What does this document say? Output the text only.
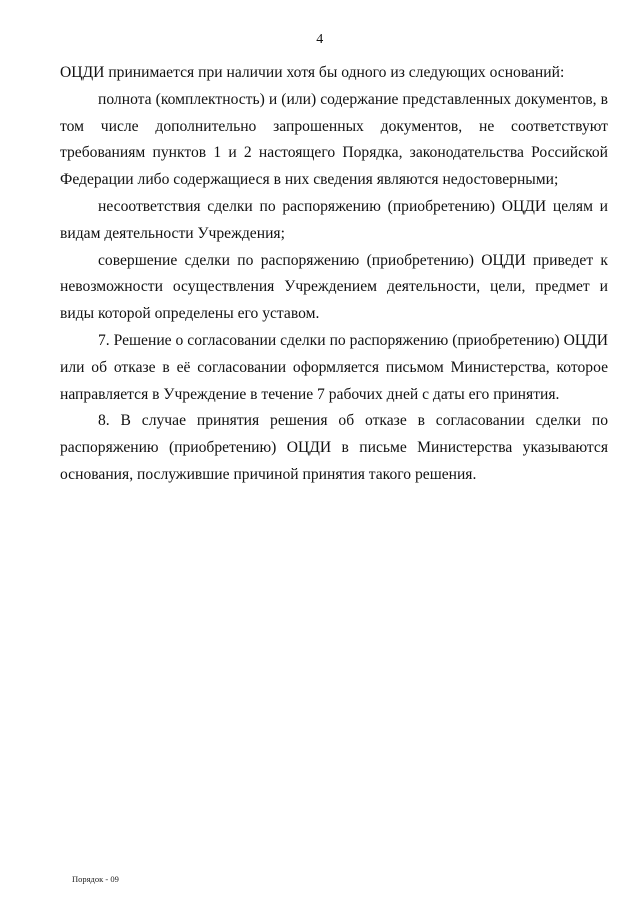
4

ОЦДИ принимается при наличии хотя бы одного из следующих оснований:

полнота (комплектность) и (или) содержание представленных документов, в том числе дополнительно запрошенных документов, не соответствуют требованиям пунктов 1 и 2 настоящего Порядка, законодательства Российской Федерации либо содержащиеся в них сведения являются недостоверными;

несоответствия сделки по распоряжению (приобретению) ОЦДИ целям и видам деятельности Учреждения;

совершение сделки по распоряжению (приобретению) ОЦДИ приведет к невозможности осуществления Учреждением деятельности, цели, предмет и виды которой определены его уставом.

7. Решение о согласовании сделки по распоряжению (приобретению) ОЦДИ или об отказе в её согласовании оформляется письмом Министерства, которое направляется в Учреждение в течение 7 рабочих дней с даты его принятия.

8. В случае принятия решения об отказе в согласовании сделки по распоряжению (приобретению) ОЦДИ в письме Министерства указываются основания, послужившие причиной принятия такого решения.

Порядок - 09
